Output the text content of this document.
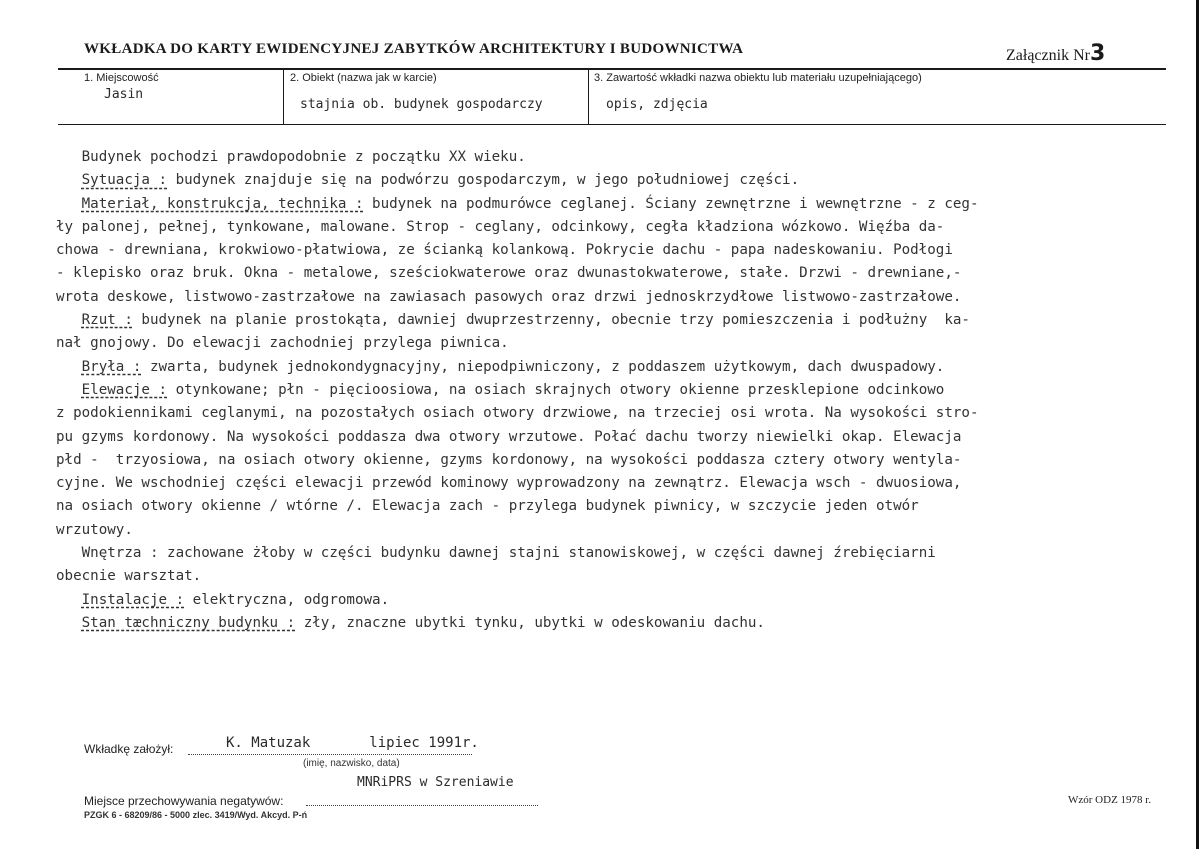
WKŁADKA DO KARTY EWIDENCYJNEJ ZABYTKÓW ARCHITEKTURY I BUDOWNICTWA	Załącznik Nr3
1. Miejscowość
Jasin
2. Obiekt (nazwa jak w karcie)
stajnia ob. budynek gospodarczy
3. Zawartość wkładki nazwa obiektu lub materiału uzupełniającego)
opis, zdjęcia
Budynek pochodzi prawdopodobnie z początku XX wieku.
Sytuacja : budynek znajduje się na podwórzu gospodarczym, w jego południowej części.
Materiał, konstrukcja, technika : budynek na podmurówce ceglanej. Ściany zewnętrzne i wewnętrzne - z ceg-
ły palonej, pełnej, tynkowane, malowane. Strop - ceglany, odcinkowy, cegła kładziona wózkowo. Więźba da-
chowa - drewniana, krokwiowo-płatwiowa, ze ścianką kolankową. Pokrycie dachu - papa nadeskowaniu. Podłogi
- klepisko oraz bruk. Okna - metalowe, sześciokwaterowe oraz dwunastokwaterowe, stałe. Drzwi - drewniane,-
wrota deskowe, listwowo-zastrzałowe na zawiasach pasowych oraz drzwi jednoskrzydłowe listwowo-zastrzałowe.
Rzut : budynek na planie prostokąta, dawniej dwuprzestrzenny, obecnie trzy pomieszczenia i podłużny  ka-
nał gnojowy. Do elewacji zachodniej przylega piwnica.
Bryła : zwarta, budynek jednokondygnacyjny, niepodpiwniczony, z poddaszem użytkowym, dach dwuspadowy.
Elewacje : otynkowane; płn - pięcioosiowa, na osiach skrajnych otwory okienne przesklepione odcinkowo
z podokiennikami ceglanymi, na pozostałych osiach otwory drzwiowe, na trzeciej osi wrota. Na wysokości stro-
pu gzyms kordonowy. Na wysokości poddasza dwa otwory wrzutowe. Połać dachu tworzy niewielki okap. Elewacja
płd -  trzyosiowa, na osiach otwory okienne, gzyms kordonowy, na wysokości poddasza cztery otwory wentyla-
cyjne. We wschodniej części elewacji przewód kominowy wyprowadzony na zewnątrz. Elewacja wsch - dwuosiowa,
na osiach otwory okienne / wtórne /. Elewacja zach - przylega budynek piwnicy, w szczycie jeden otwór
wrzutowy.
Wnętrza : zachowane żłoby w części budynku dawnej stajni stanowiskowej, w części dawnej źrebięciarni
obecnie warsztat.
Instalacje : elektryczna, odgromowa.
Stan tæchniczny budynku : zły, znaczne ubytki tynku, ubytki w odeskowaniu dachu.
Wkładkę założył:	K. Matuzak       lipiec 1991r.
(imię, nazwisko, data)
MNRiPRS w Szreniawie
Miejsce przechowywania negatywów:
PZGK 6 - 68209/86 - 5000 zlec. 3419/Wyd. Akcyd. P-ń
Wzór ODZ 1978 r.
